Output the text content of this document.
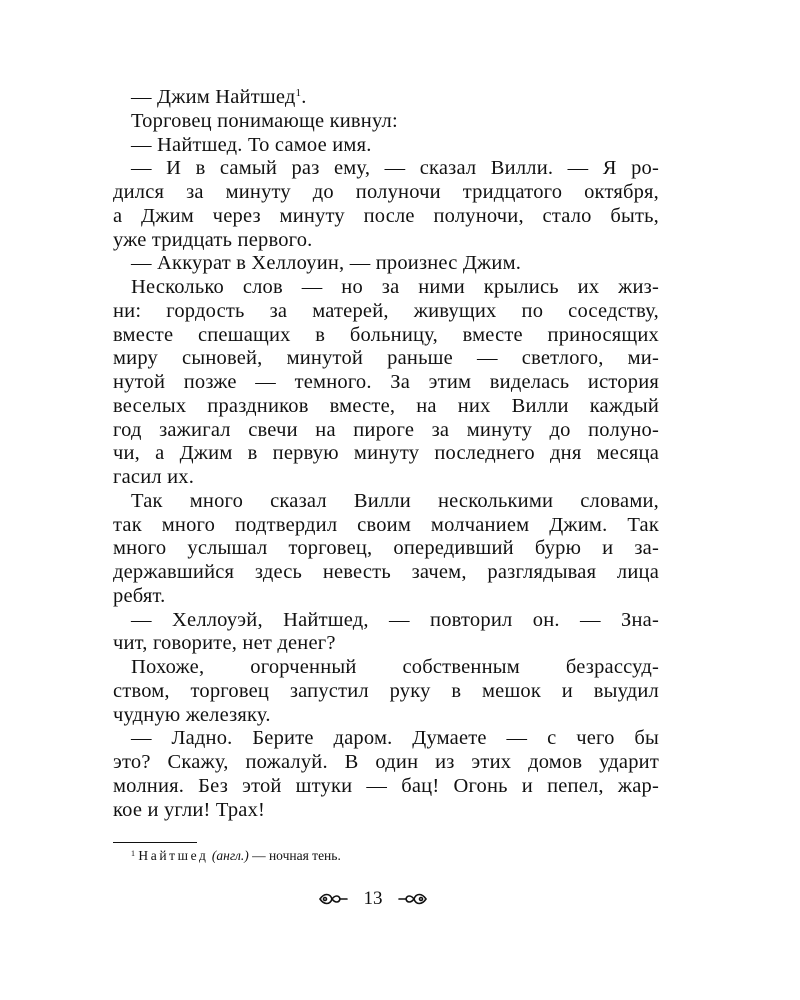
— Джим Найтшед$^1$.
Торговец понимающе кивнул:
— Найтшед. То самое имя.
— И в самый раз ему, — сказал Вилли. — Я ро-
дился за минуту до полуночи тридцатого октября,
а Джим через минуту после полуночи, стало быть,
уже тридцать первого.
— Аккурат в Хеллоуин, — произнес Джим.
Несколько слов — но за ними крылись их жиз-
ни: гордость за матерей, живущих по соседству,
вместе спешащих в больницу, вместе приносящих
миру сыновей, минутой раньше — светлого, ми-
нутой позже — темного. За этим виделась история
веселых праздников вместе, на них Вилли каждый
год зажигал свечи на пироге за минуту до полуно-
чи, а Джим в первую минуту последнего дня месяца
гасил их.
Так много сказал Вилли несколькими словами,
так много подтвердил своим молчанием Джим. Так
много услышал торговец, опередивший бурю и за-
державшийся здесь невесть зачем, разглядывая лица
ребят.
— Хеллоуэй, Найтшед, — повторил он. — Зна-
чит, говорите, нет денег?
Похоже, огорченный собственным безрассуд-
ством, торговец запустил руку в мешок и выудил
чудную железяку.
— Ладно. Берите даром. Думаете — с чего бы
это? Скажу, пожалуй. В один из этих домов ударит
молния. Без этой штуки — бац! Огонь и пепел, жар-
кое и угли! Трах!
$^1$ Найтшед (англ.) — ночная тень.
13
